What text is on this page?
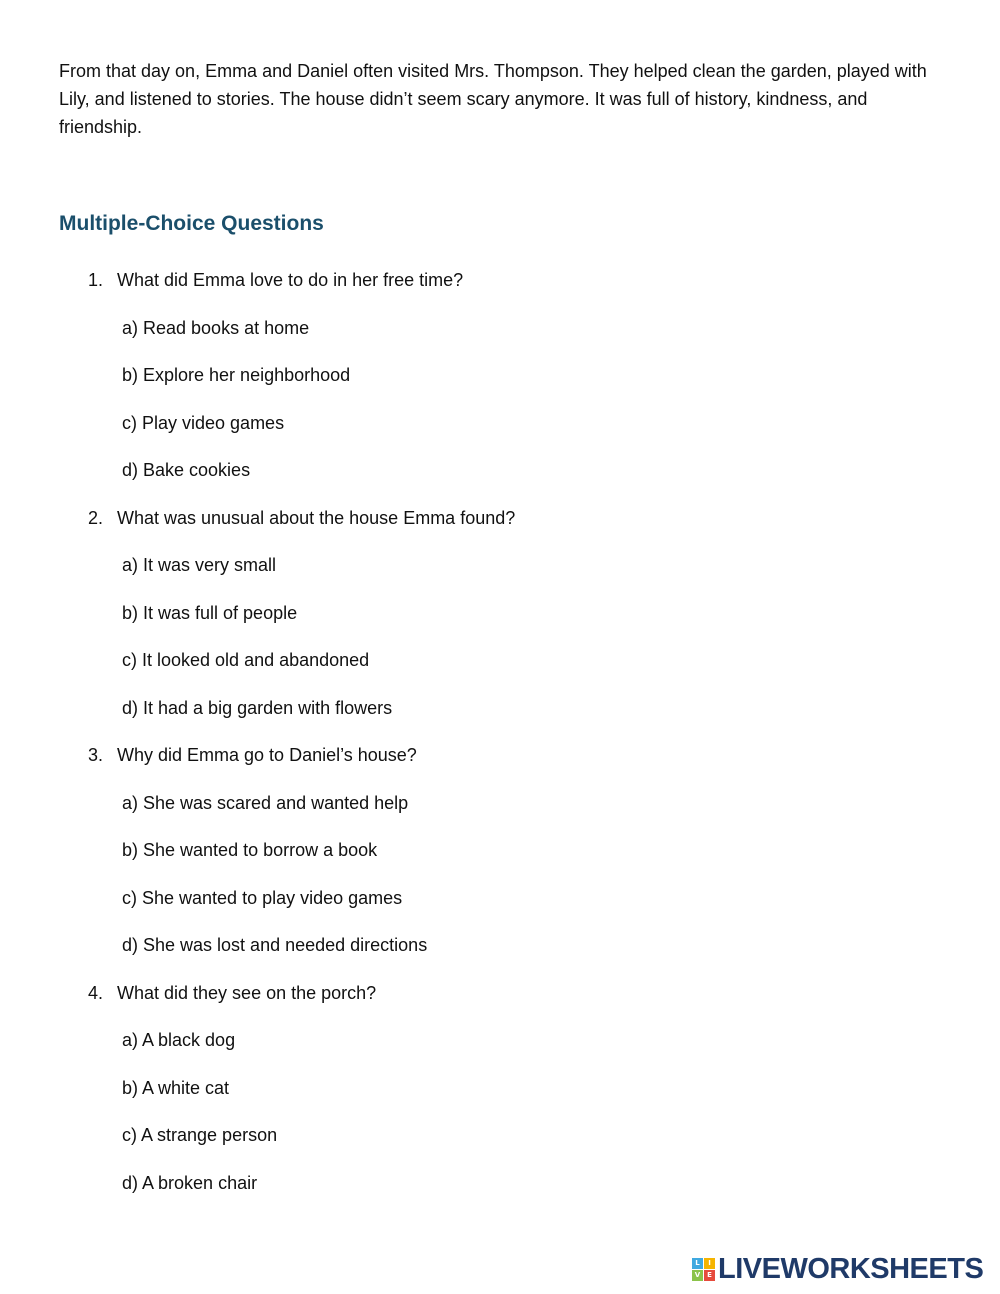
From that day on, Emma and Daniel often visited Mrs. Thompson. They helped clean the garden, played with Lily, and listened to stories. The house didn’t seem scary anymore. It was full of history, kindness, and friendship.

Multiple-Choice Questions
1. What did Emma love to do in her free time?
a) Read books at home
b) Explore her neighborhood
c) Play video games
d) Bake cookies
2. What was unusual about the house Emma found?
a) It was very small
b) It was full of people
c) It looked old and abandoned
d) It had a big garden with flowers
3. Why did Emma go to Daniel’s house?
a) She was scared and wanted help
b) She wanted to borrow a book
c) She wanted to play video games
d) She was lost and needed directions
4. What did they see on the porch?
a) A black dog
b) A white cat
c) A strange person
d) A broken chair
L	I
V E LIVEWORKSHEETS
